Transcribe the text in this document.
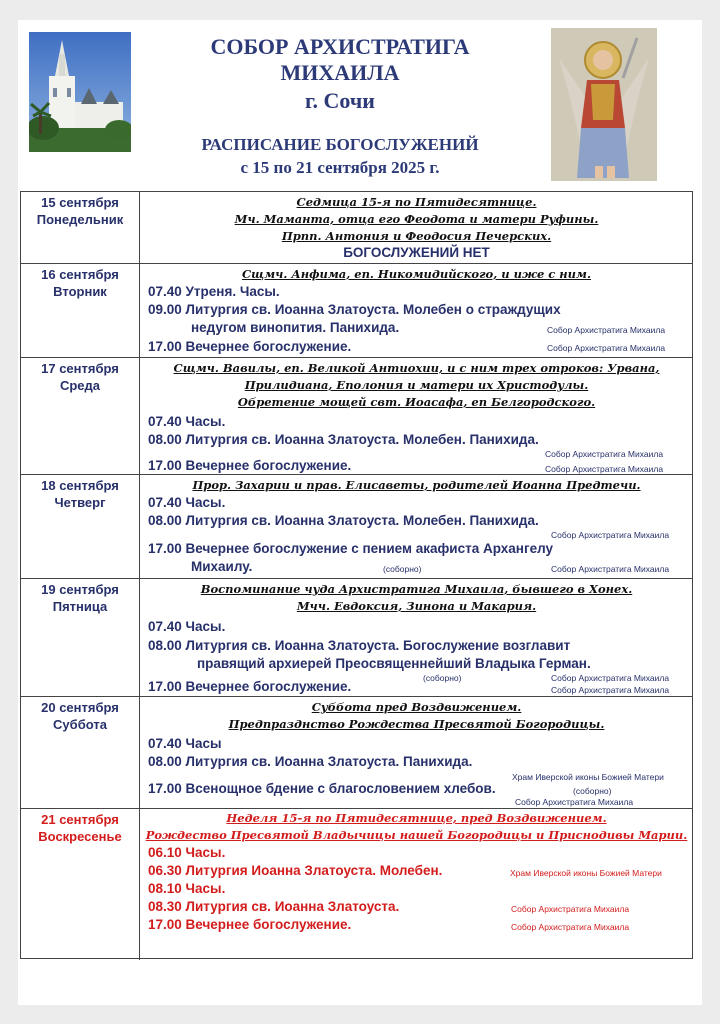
СОБОР АРХИСТРАТИГА
МИХАИЛА
г. Сочи
РАСПИСАНИЕ БОГОСЛУЖЕНИЙ
с 15 по 21 сентября 2025 г.
15 сентября
Понедельник
Седмица 15-я по Пятидесятнице.
Мч. Маманта, отца его Феодота и матери Руфины.
Прпп. Антония и Феодосия Печерских.
БОГОСЛУЖЕНИЙ НЕТ
16 сентября
Вторник
Сщмч. Анфима, еп. Никомидийского, и иже с ним.
07.40 Утреня. Часы.
09.00 Литургия св. Иоанна Златоуста. Молебен о страждущих
недугом винопития. Панихида.	Собор Архистратига Михаила
17.00 Вечернее богослужение.	Собор Архистратига Михаила
17 сентября
Среда
Сщмч. Вавилы, еп. Великой Антиохии, и с ним трех отроков: Урвана,
Прилидиана, Еполония и матери их Христодулы.
Обретение мощей свт. Иоасафа, еп Белгородского.
07.40 Часы.
08.00 Литургия св. Иоанна Златоуста. Молебен. Панихида.
Собор Архистратига Михаила
17.00 Вечернее богослужение.	Собор Архистратига Михаила
18 сентября
Четверг
Прор. Захарии и прав. Елисаветы, родителей Иоанна Предтечи.
07.40 Часы.
08.00 Литургия св. Иоанна Златоуста. Молебен. Панихида.
Собор Архистратига Михаила
17.00 Вечернее богослужение с пением акафиста Архангелу
Михаилу.	(соборно)	Собор Архистратига Михаила
19 сентября
Пятница
Воспоминание чуда Архистратига Михаила, бывшего в Хонех.
Мчч. Евдоксия, Зинона и Макария.
07.40 Часы.
08.00 Литургия св. Иоанна Златоуста. Богослужение возглавит
правящий архиерей Преосвященнейший Владыка Герман.
(соборно)	Собор Архистратига Михаила
17.00 Вечернее богослужение.	Собор Архистратига Михаила
20 сентября
Суббота
Суббота пред Воздвижением.
Предпразднство Рождества Пресвятой Богородицы.
07.40 Часы
08.00 Литургия св. Иоанна Златоуста. Панихида.
Храм Иверской иконы Божией Матери
17.00 Всенощное бдение с благословением хлебов.	(соборно)
Собор Архистратига Михаила
21 сентября
Воскресенье
Неделя 15-я по Пятидесятнице, пред Воздвижением.
Рождество Пресвятой Владычицы нашей Богородицы и Приснодивы Марии.
06.10 Часы.
06.30 Литургия Иоанна Златоуста. Молебен.	Храм Иверской иконы Божией Матери
08.10 Часы.
08.30 Литургия св. Иоанна Златоуста.	Собор Архистратига Михаила
17.00 Вечернее богослужение.	Собор Архистратига Михаила
